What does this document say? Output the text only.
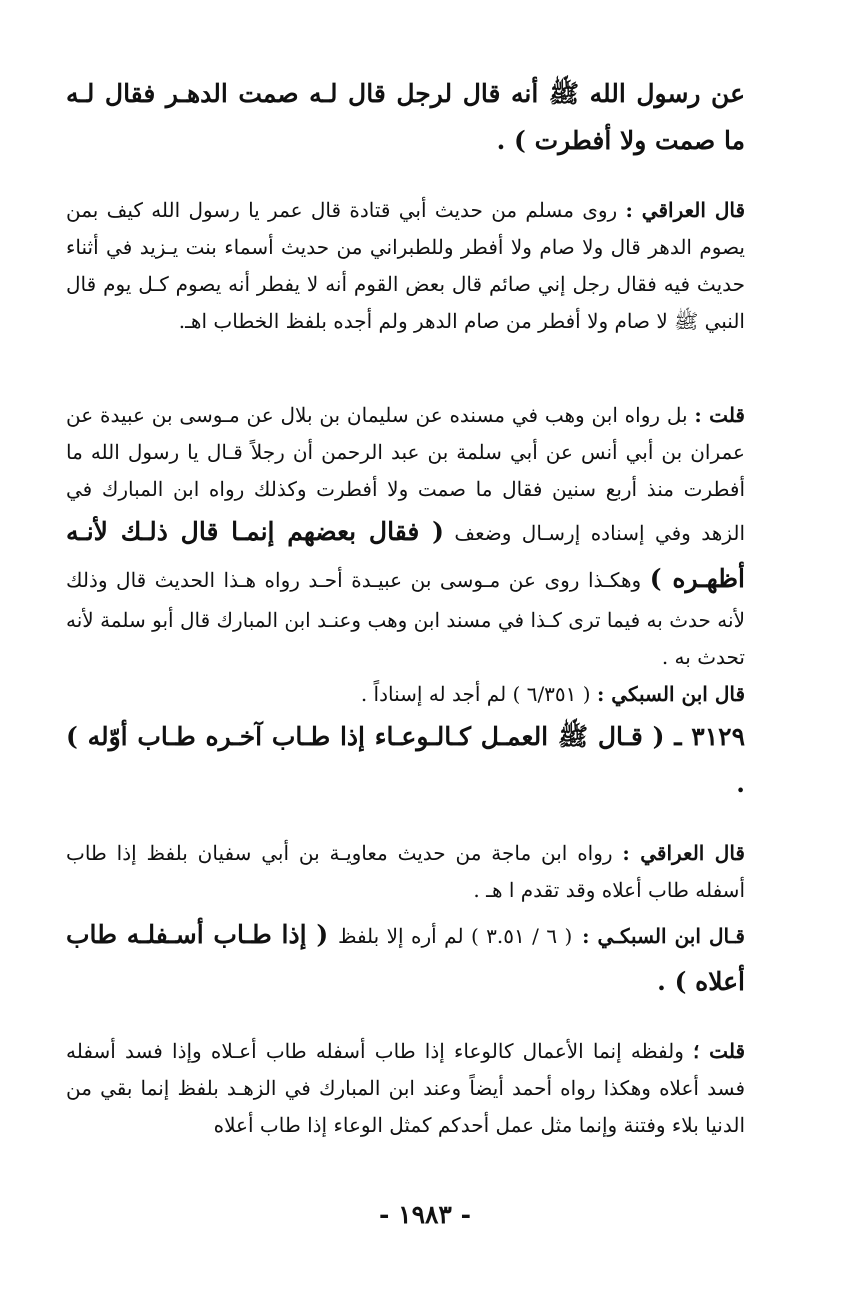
عن رسول الله ﷺ أنه قال لرجل قال لـه صمت الدهـر فقال لـه ما صمت ولا أفطرت ) .

قال العراقي : روى مسلم من حديث أبي قتادة قال عمر يا رسول الله كيف بمن يصوم الدهر قال ولا صام ولا أفطر وللطبراني من حديث أسماء بنت يـزيد في أثناء حديث فيه فقال رجل إني صائم قال بعض القوم أنه لا يفطر أنه يصوم كـل يوم قال النبي ﷺ لا صام ولا أفطر من صام الدهر ولم أجده بلفظ الخطاب اهـ.

قلت : بل رواه ابن وهب في مسنده عن سليمان بن بلال عن مـوسى بن عبيدة عن عمران بن أبي أنس عن أبي سلمة بن عبد الرحمن أن رجلاً قـال يا رسول الله ما أفطرت منذ أربع سنين فقال ما صمت ولا أفطرت وكذلك رواه ابن المبارك في الزهد وفي إسناده إرسـال وضعف ( فقال بعضهم إنمـا قال ذلـك لأنـه أظهـره ) وهكـذا روى عن مـوسى بن عبيـدة أحـد رواه هـذا الحديث قال وذلك لأنه حدث به فيما ترى كـذا في مسند ابن وهب وعنـد ابن المبارك قال أبو سلمة لأنه تحدث به .

قال ابن السبكي : ( ٦/٣٥١ ) لم أجد له إسناداً .

٣١٢٩ ـ ( قـال ﷺ العمـل كـالـوعـاء إذا طـاب آخـره طـاب أوّله ) .

قال العراقي : رواه ابن ماجة من حديث معاويـة بن أبي سفيان بلفظ إذا طاب أسفله طاب أعلاه وقد تقدم ا هـ .

قـال ابن السبكـي : ( ٦ / ٣.٥١ ) لم أره إلا بلفظ ( إذا طـاب أسـفلـه طاب أعلاه ) .

قلت ؛ ولفظه إنما الأعمال كالوعاء إذا طاب أسفله طاب أعـلاه وإذا فسد أسفله فسد أعلاه وهكذا رواه أحمد أيضاً وعند ابن المبارك في الزهـد بلفظ إنما بقي من الدنيا بلاء وفتنة وإنما مثل عمل أحدكم كمثل الوعاء إذا طاب أعلاه

- ١٩٨٣ -
